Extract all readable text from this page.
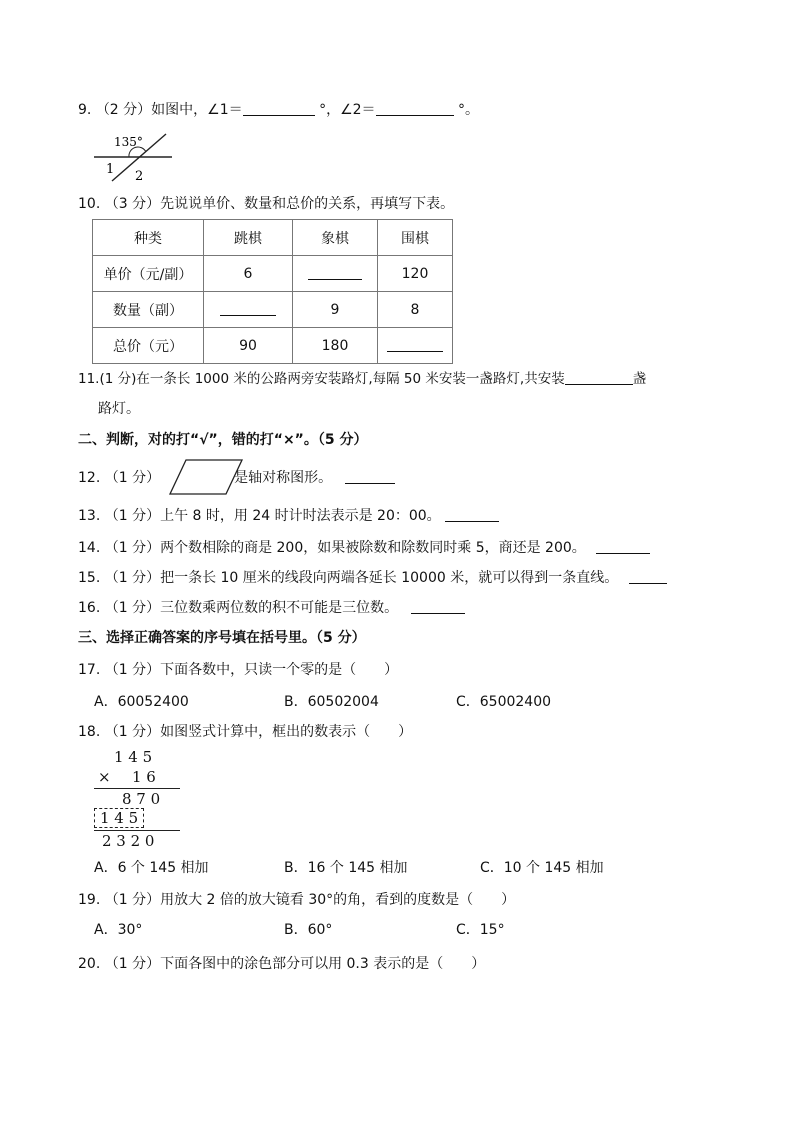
9. （2 分）如图中，∠1＝	°，∠2＝	°。
135°
1 2
10. （3 分）先说说单价、数量和总价的关系，再填写下表。
种类	跳棋	象棋	围棋
单价（元/副）	6		120
数量（副）		9	8
总价（元）	90	180	
11.(1 分)在一条长 1000 米的公路两旁安装路灯,每隔 50 米安装一盏路灯,共安装	盏
路灯。
二、判断，对的打“√”，错的打“×”。（5 分）
12. （1 分）	是轴对称图形。
13. （1 分）上午 8 时，用 24 时计时法表示是 20：00。
14. （1 分）两个数相除的商是 200，如果被除数和除数同时乘 5，商还是 200。
15. （1 分）把一条长 10 厘米的线段向两端各延长 10000 米，就可以得到一条直线。
16. （1 分）三位数乘两位数的积不可能是三位数。
三、选择正确答案的序号填在括号里。（5 分）
17. （1 分）下面各数中，只读一个零的是（　　）
A．60052400	B．60502004	C．65002400
18. （1 分）如图竖式计算中，框出的数表示（　　）
1 4 5
× 1 6
8 7 0
1 4 5
2 3 2 0
A．6 个 145 相加	B．16 个 145 相加	C．10 个 145 相加
19. （1 分）用放大 2 倍的放大镜看 30°的角，看到的度数是（　　）
A．30°	B．60°	C．15°
20. （1 分）下面各图中的涂色部分可以用 0.3 表示的是（　　）
